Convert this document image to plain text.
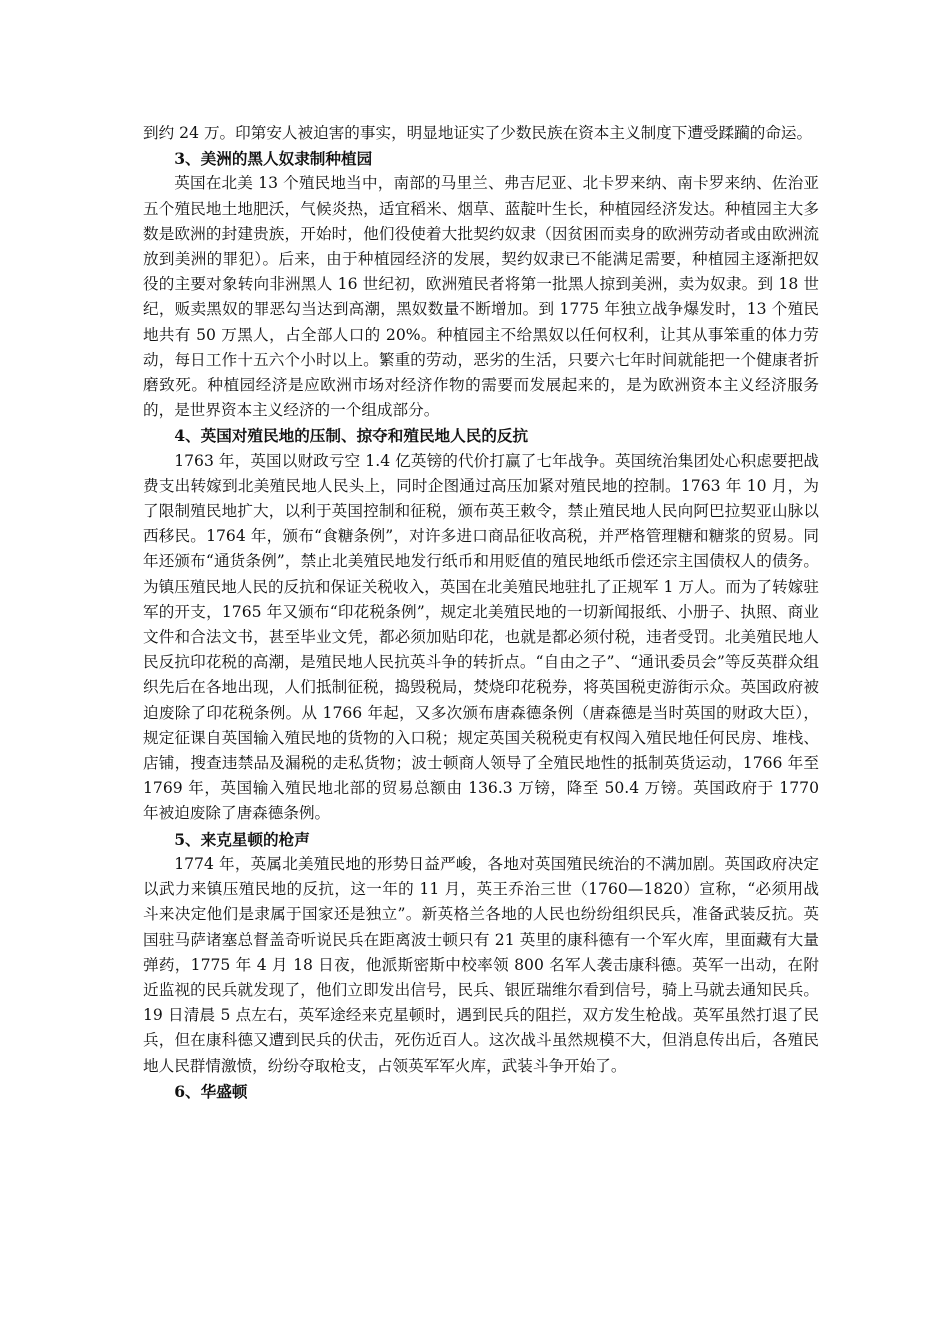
到约 24 万。印第安人被迫害的事实，明显地证实了少数民族在资本主义制度下遭受蹂躏的命运。

3、美洲的黑人奴隶制种植园

英国在北美 13 个殖民地当中，南部的马里兰、弗吉尼亚、北卡罗来纳、南卡罗来纳、佐治亚五个殖民地土地肥沃，气候炎热，适宜稻米、烟草、蓝靛叶生长，种植园经济发达。种植园主大多数是欧洲的封建贵族，开始时，他们役使着大批契约奴隶（因贫困而卖身的欧洲劳动者或由欧洲流放到美洲的罪犯）。后来，由于种植园经济的发展，契约奴隶已不能满足需要，种植园主逐渐把奴役的主要对象转向非洲黑人 16 世纪初，欧洲殖民者将第一批黑人掠到美洲，卖为奴隶。到 18 世纪，贩卖黑奴的罪恶勾当达到高潮，黑奴数量不断增加。到 1775 年独立战争爆发时，13 个殖民地共有 50 万黑人，占全部人口的 20%。种植园主不给黑奴以任何权利，让其从事笨重的体力劳动，每日工作十五六个小时以上。繁重的劳动，恶劣的生活，只要六七年时间就能把一个健康者折磨致死。种植园经济是应欧洲市场对经济作物的需要而发展起来的，是为欧洲资本主义经济服务的，是世界资本主义经济的一个组成部分。

4、英国对殖民地的压制、掠夺和殖民地人民的反抗

1763 年，英国以财政亏空 1.4 亿英镑的代价打赢了七年战争。英国统治集团处心积虑要把战费支出转嫁到北美殖民地人民头上，同时企图通过高压加紧对殖民地的控制。1763 年 10 月，为了限制殖民地扩大，以利于英国控制和征税，颁布英王敕令，禁止殖民地人民向阿巴拉契亚山脉以西移民。1764 年，颁布“食糖条例”，对许多进口商品征收高税，并严格管理糖和糖浆的贸易。同年还颁布“通货条例”，禁止北美殖民地发行纸币和用贬值的殖民地纸币偿还宗主国债权人的债务。为镇压殖民地人民的反抗和保证关税收入，英国在北美殖民地驻扎了正规军 1 万人。而为了转嫁驻军的开支，1765 年又颁布“印花税条例”，规定北美殖民地的一切新闻报纸、小册子、执照、商业文件和合法文书，甚至毕业文凭，都必须加贴印花，也就是都必须付税，违者受罚。北美殖民地人民反抗印花税的高潮，是殖民地人民抗英斗争的转折点。“自由之子”、“通讯委员会”等反英群众组织先后在各地出现，人们抵制征税，捣毁税局，焚烧印花税券，将英国税吏游街示众。英国政府被迫废除了印花税条例。从 1766 年起，又多次颁布唐森德条例（唐森德是当时英国的财政大臣），规定征课自英国输入殖民地的货物的入口税；规定英国关税税吏有权闯入殖民地任何民房、堆栈、店铺，搜查违禁品及漏税的走私货物；波士顿商人领导了全殖民地性的抵制英货运动，1766 年至 1769 年，英国输入殖民地北部的贸易总额由 136.3 万镑，降至 50.4 万镑。英国政府于 1770 年被迫废除了唐森德条例。

5、来克星顿的枪声

1774 年，英属北美殖民地的形势日益严峻，各地对英国殖民统治的不满加剧。英国政府决定以武力来镇压殖民地的反抗，这一年的 11 月，英王乔治三世（1760—1820）宣称，“必须用战斗来决定他们是隶属于国家还是独立”。新英格兰各地的人民也纷纷组织民兵，准备武装反抗。英国驻马萨诸塞总督盖奇听说民兵在距离波士顿只有 21 英里的康科德有一个军火库，里面藏有大量弹药，1775 年 4 月 18 日夜，他派斯密斯中校率领 800 名军人袭击康科德。英军一出动，在附近监视的民兵就发现了，他们立即发出信号，民兵、银匠瑞维尔看到信号，骑上马就去通知民兵。19 日清晨 5 点左右，英军途经来克星顿时，遇到民兵的阻拦，双方发生枪战。英军虽然打退了民兵，但在康科德又遭到民兵的伏击，死伤近百人。这次战斗虽然规模不大，但消息传出后，各殖民地人民群情激愤，纷纷夺取枪支，占领英军军火库，武装斗争开始了。

6、华盛顿
